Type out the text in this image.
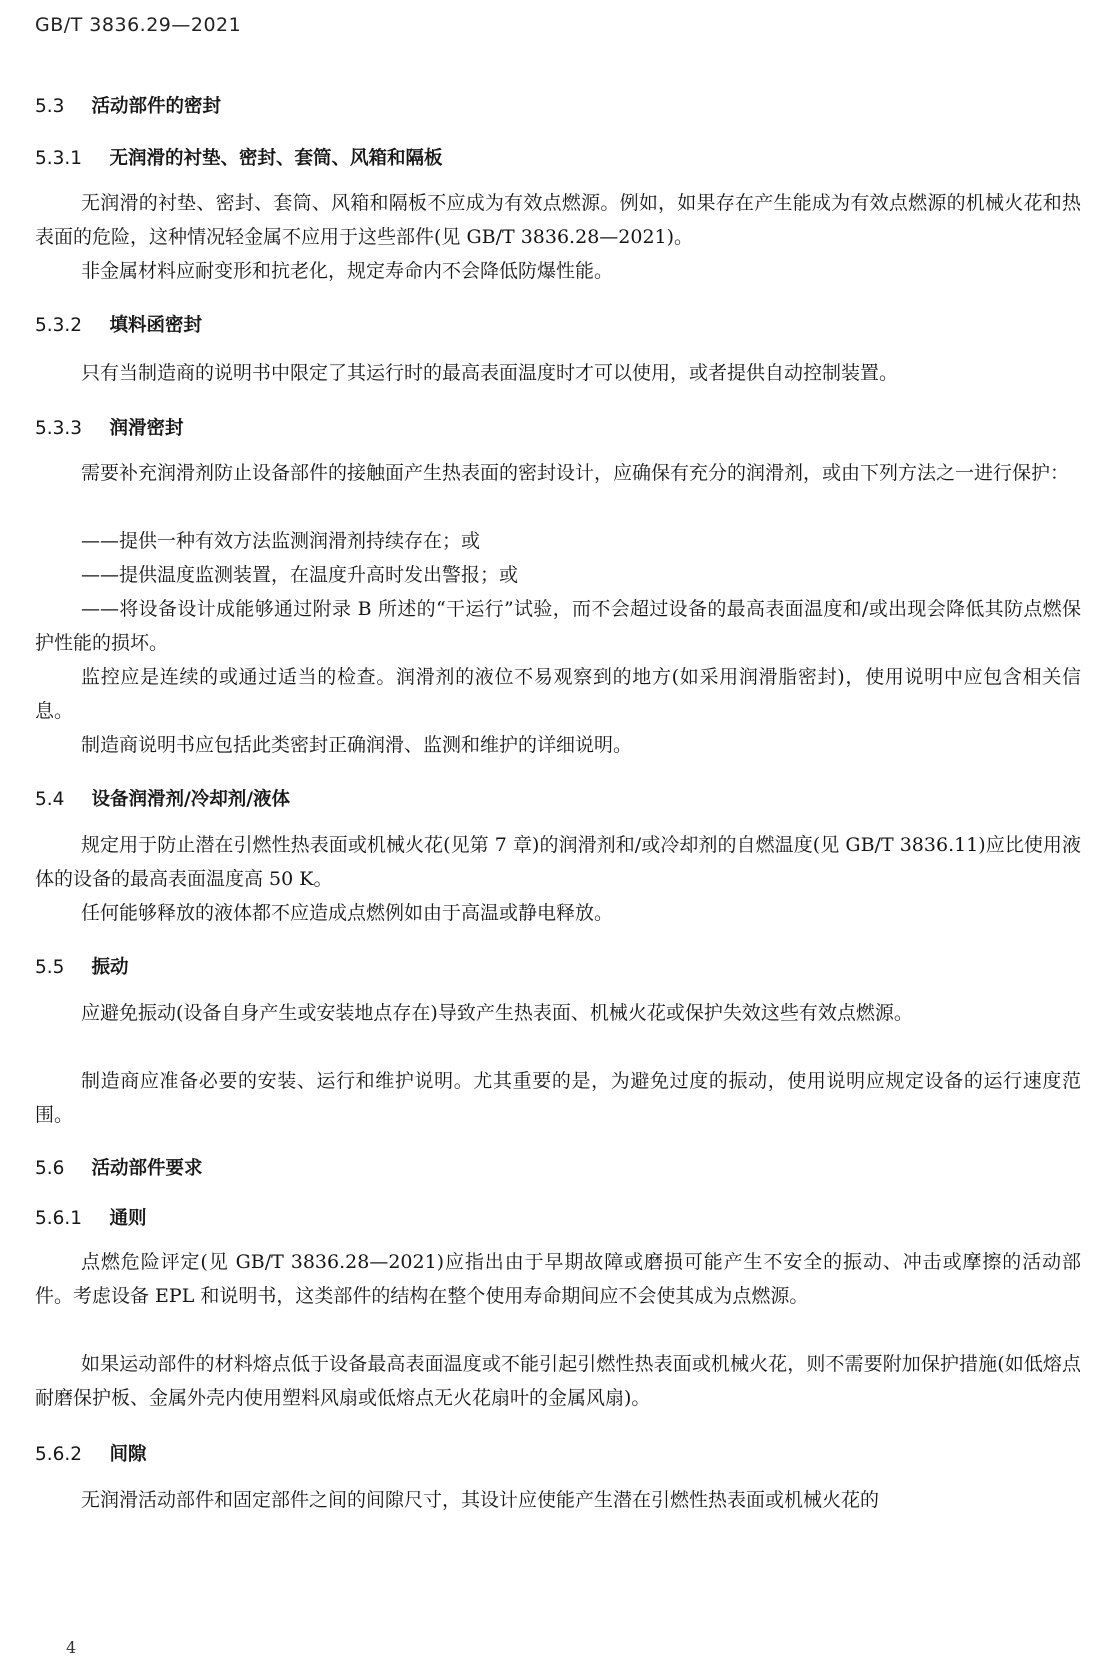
GB/T 3836.29—2021
5.3 活动部件的密封
5.3.1 无润滑的衬垫、密封、套筒、风箱和隔板
无润滑的衬垫、密封、套筒、风箱和隔板不应成为有效点燃源。例如，如果存在产生能成为有效点燃源的机械火花和热表面的危险，这种情况轻金属不应用于这些部件(见 GB/T 3836.28—2021)。
非金属材料应耐变形和抗老化，规定寿命内不会降低防爆性能。
5.3.2 填料函密封
只有当制造商的说明书中限定了其运行时的最高表面温度时才可以使用，或者提供自动控制装置。
5.3.3 润滑密封
需要补充润滑剂防止设备部件的接触面产生热表面的密封设计，应确保有充分的润滑剂，或由下列方法之一进行保护：
——提供一种有效方法监测润滑剂持续存在；或
——提供温度监测装置，在温度升高时发出警报；或
——将设备设计成能够通过附录 B 所述的“干运行”试验，而不会超过设备的最高表面温度和/或出现会降低其防点燃保护性能的损坏。
监控应是连续的或通过适当的检查。润滑剂的液位不易观察到的地方(如采用润滑脂密封)，使用说明中应包含相关信息。
制造商说明书应包括此类密封正确润滑、监测和维护的详细说明。
5.4 设备润滑剂/冷却剂/液体
规定用于防止潜在引燃性热表面或机械火花(见第 7 章)的润滑剂和/或冷却剂的自燃温度(见 GB/T 3836.11)应比使用液体的设备的最高表面温度高 50 K。
任何能够释放的液体都不应造成点燃例如由于高温或静电释放。
5.5 振动
应避免振动(设备自身产生或安装地点存在)导致产生热表面、机械火花或保护失效这些有效点燃源。
制造商应准备必要的安装、运行和维护说明。尤其重要的是，为避免过度的振动，使用说明应规定设备的运行速度范围。
5.6 活动部件要求
5.6.1 通则
点燃危险评定(见 GB/T 3836.28—2021)应指出由于早期故障或磨损可能产生不安全的振动、冲击或摩擦的活动部件。考虑设备 EPL 和说明书，这类部件的结构在整个使用寿命期间应不会使其成为点燃源。
如果运动部件的材料熔点低于设备最高表面温度或不能引起引燃性热表面或机械火花，则不需要附加保护措施(如低熔点耐磨保护板、金属外壳内使用塑料风扇或低熔点无火花扇叶的金属风扇)。
5.6.2 间隙
无润滑活动部件和固定部件之间的间隙尺寸，其设计应使能产生潜在引燃性热表面或机械火花的
4
